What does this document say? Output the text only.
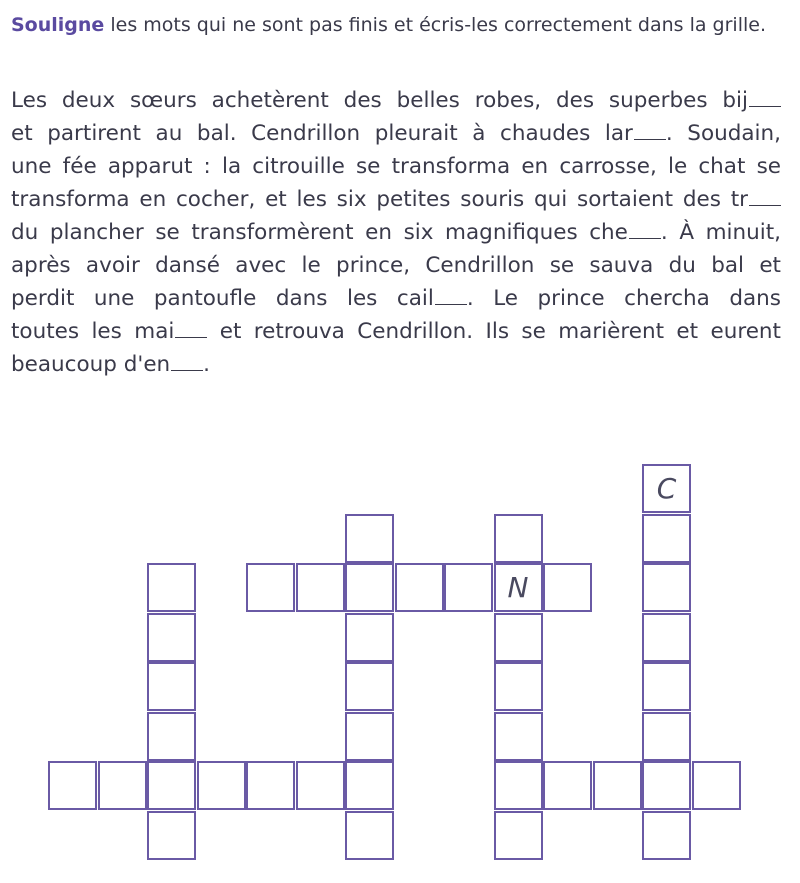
Souligne les mots qui ne sont pas finis et écris-les correctement dans la grille.
Les deux sœurs achetèrent des belles robes, des superbes bij
et partirent au bal. Cendrillon pleurait à chaudes lar . Soudain,
une fée apparut : la citrouille se transforma en carrosse, le chat se
transforma en cocher, et les six petites souris qui sortaient des tr
du plancher se transformèrent en six magnifiques che . À minuit,
après avoir dansé avec le prince, Cendrillon se sauva du bal et
perdit une pantoufle dans les cail . Le prince chercha dans
toutes les mai et retrouva Cendrillon. Ils se marièrent et eurent
beaucoup d'en .
N
C
